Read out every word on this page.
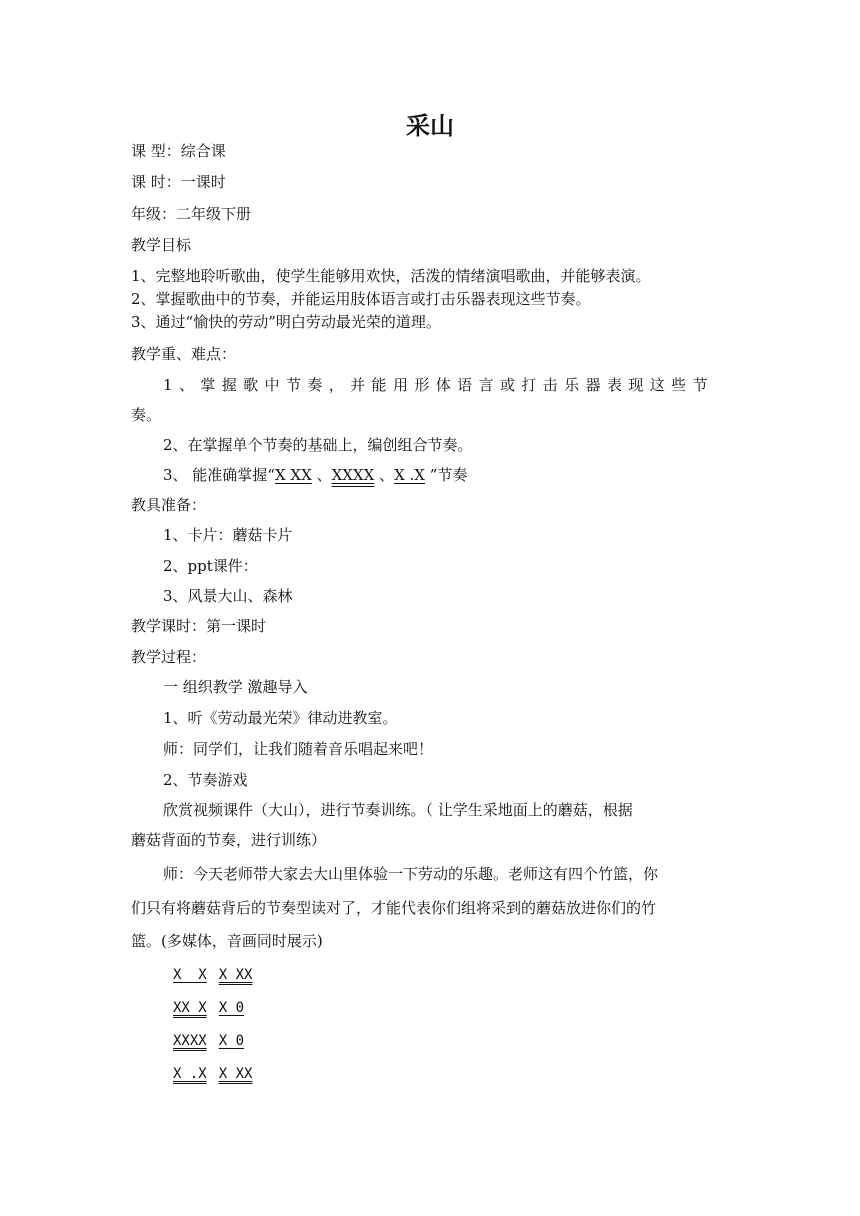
采山
课 型：综合课
课 时：一课时
年级：二年级下册
教学目标
1、完整地聆听歌曲，使学生能够用欢快，活泼的情绪演唱歌曲，并能够表演。
2、掌握歌曲中的节奏，并能运用肢体语言或打击乐器表现这些节奏。
3、通过“愉快的劳动”明白劳动最光荣的道理。
教学重、难点：
1、掌握歌中节奏，并能用形体语言或打击乐器表现这些节
奏。
2、在掌握单个节奏的基础上，编创组合节奏。
3、 能准确掌握“X XX 、XXXX 、X .X ”节奏
教具准备：
1、卡片：蘑菇卡片
2、ppt课件：
3、风景大山、森林
教学课时：第一课时
教学过程：
一 组织教学 激趣导入
1、听《劳动最光荣》律动进教室。
师：同学们，让我们随着音乐唱起来吧！
2、节奏游戏
欣赏视频课件（大山），进行节奏训练。（ 让学生采地面上的蘑菇，根据
蘑菇背面的节奏，进行训练）
师：今天老师带大家去大山里体验一下劳动的乐趣。老师这有四个竹篮，你
们只有将蘑菇背后的节奏型读对了，才能代表你们组将采到的蘑菇放进你们的竹
篮。(多媒体，音画同时展示)
X  X X XX
XX X X 0
XXXX X 0
X .X X XX
